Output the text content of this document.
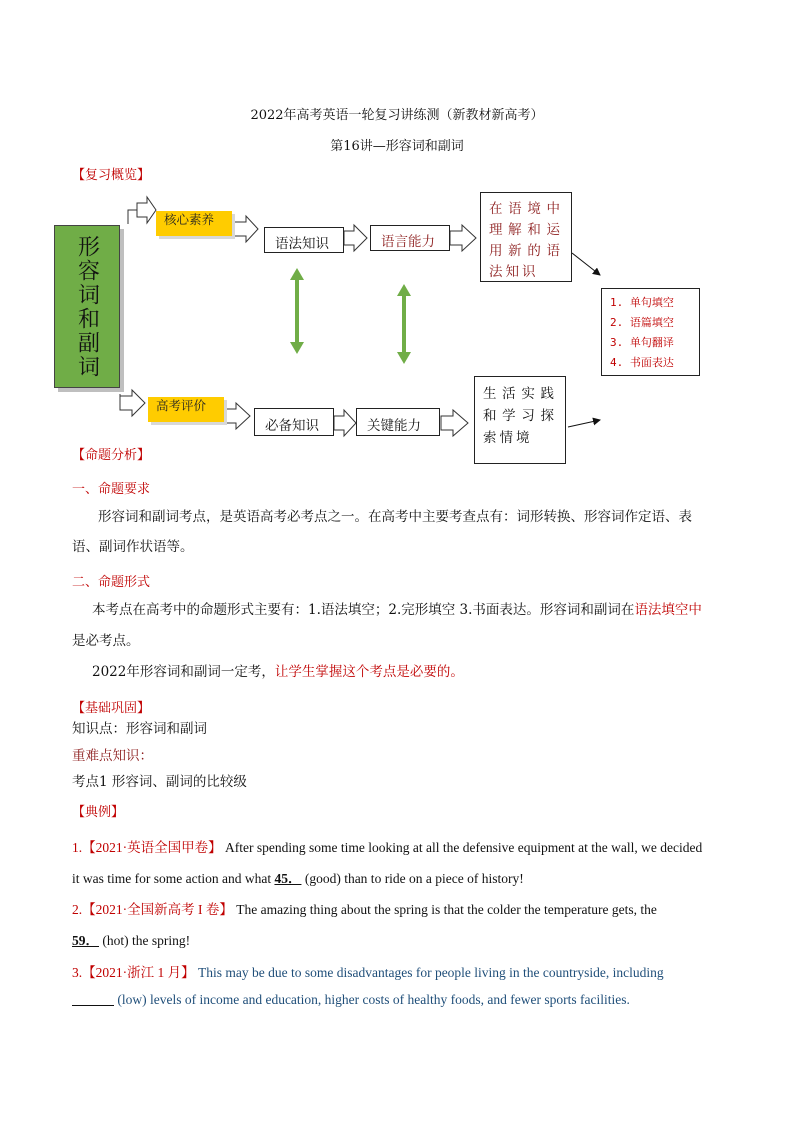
2022年高考英语一轮复习讲练测（新教材新高考）
第16讲—形容词和副词
【复习概览】
形容词和副词
核心素养
语法知识	语言能力
在语境中理解和运用新的语法知识
1. 单句填空
2. 语篇填空
3. 单句翻译
4. 书面表达
高考评价
必备知识	关键能力
生活实践和学习探索情境
【命题分析】
一、命题要求
形容词和副词考点，是英语高考必考点之一。在高考中主要考查点有：词形转换、形容词作定语、表
语、副词作状语等。
二、命题形式
本考点在高考中的命题形式主要有：1.语法填空；2.完形填空 3.书面表达。形容词和副词在语法填空中
是必考点。
2022年形容词和副词一定考，让学生掌握这个考点是必要的。
【基础巩固】
知识点：形容词和副词
重难点知识：
考点1 形容词、副词的比较级
【典例】
1.【2021·英语全国甲卷】 After spending some time looking at all the defensive equipment at the wall, we decided
it was time for some action and what 45． (good) than to ride on a piece of history!
2.【2021·全国新高考 I 卷】 The amazing thing about the spring is that the colder the temperature gets, the
59． (hot) the spring!
3.【2021·浙江 1 月】 This may be due to some disadvantages for people living in the countryside, including
(low) levels of income and education, higher costs of healthy foods, and fewer sports facilities.
